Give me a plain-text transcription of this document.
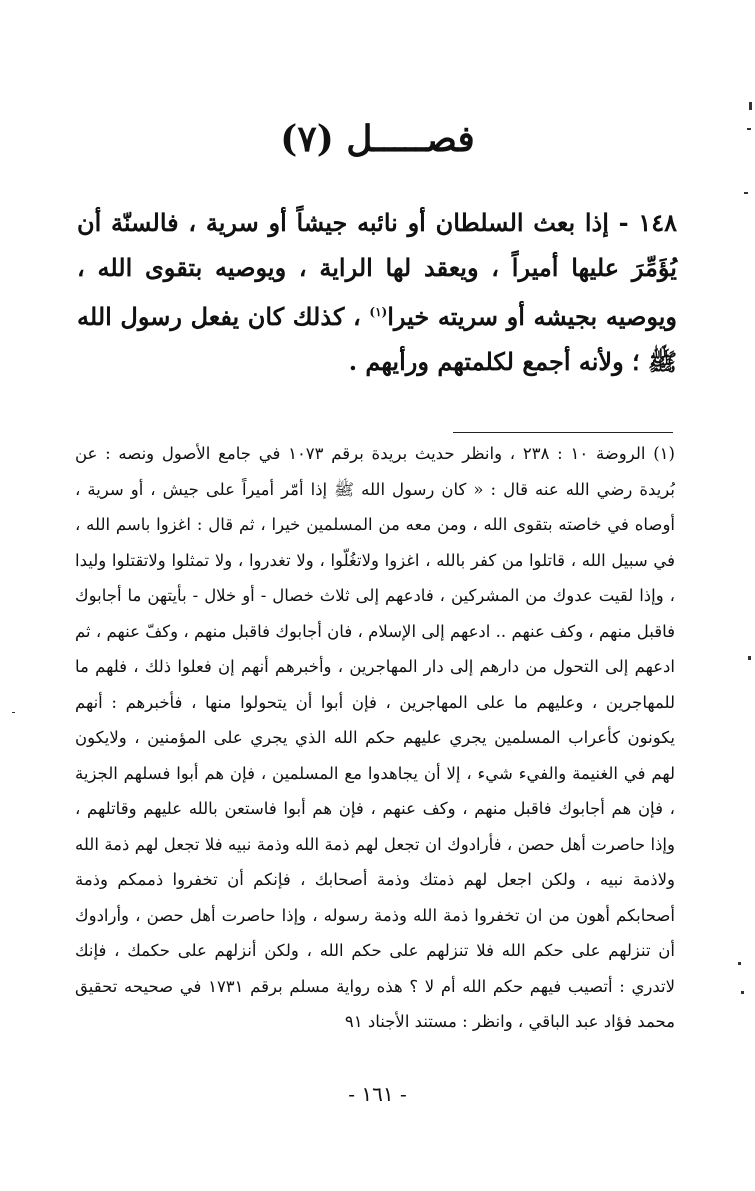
فصـــــل (٧)

١٤٨ - إذا بعث السلطان أو نائبه جيشاً أو سرية ، فالسنّة أن يُؤَمِّرَ عليها أميراً ، ويعقد لها الراية ، ويوصيه بتقوى الله ، ويوصيه بجيشه أو سريته خيرا$^{(١)}$ ، كذلك كان يفعل رسول الله ﷺ ؛ ولأنه أجمع لكلمتهم ورأيهم .

(١) الروضة ١٠ : ٢٣٨ ، وانظر حديث بريدة برقم ١٠٧٣ في جامع الأصول ونصه : عن بُريدة رضي الله عنه قال : « كان رسول الله ﷺ إذا أمّر أميراً على جيش ، أو سرية ، أوصاه في خاصته بتقوى الله ، ومن معه من المسلمين خيرا ، ثم قال : اغزوا باسم الله ، في سبيل الله ، قاتلوا من كفر بالله ، اغزوا ولاتغُلّوا ، ولا تغدروا ، ولا تمثلوا ولاتقتلوا وليدا ، وإذا لقيت عدوك من المشركين ، فادعهم إلى ثلاث خصال - أو خلال - بأيتهن ما أجابوك فاقبل منهم ، وكف عنهم .. ادعهم إلى الإسلام ، فان أجابوك فاقبل منهم ، وكفّ عنهم ، ثم ادعهم إلى التحول من دارهم إلى دار المهاجرين ، وأخبرهم أنهم إن فعلوا ذلك ، فلهم ما للمهاجرين ، وعليهم ما على المهاجرين ، فإن أبوا أن يتحولوا منها ، فأخبرهم : أنهم يكونون كأعراب المسلمين يجري عليهم حكم الله الذي يجري على المؤمنين ، ولايكون لهم في الغنيمة والفيء شيء ، إلا أن يجاهدوا مع المسلمين ، فإن هم أبوا فسلهم الجزية ، فإن هم أجابوك فاقبل منهم ، وكف عنهم ، فإن هم أبوا فاستعن بالله عليهم وقاتلهم ، وإذا حاصرت أهل حصن ، فأرادوك ان تجعل لهم ذمة الله وذمة نبيه فلا تجعل لهم ذمة الله ولاذمة نبيه ، ولكن اجعل لهم ذمتك وذمة أصحابك ، فإنكم أن تخفروا ذممكم وذمة أصحابكم أهون من ان تخفروا ذمة الله وذمة رسوله ، وإذا حاصرت أهل حصن ، وأرادوك أن تنزلهم على حكم الله فلا تنزلهم على حكم الله ، ولكن أنزلهم على حكمك ، فإنك لاتدري : أتصيب فيهم حكم الله أم لا ؟ هذه رواية مسلم برقم ١٧٣١ في صحيحه تحقيق محمد فؤاد عبد الباقي ، وانظر : مستند الأجناد ٩١

- ١٦١ -
